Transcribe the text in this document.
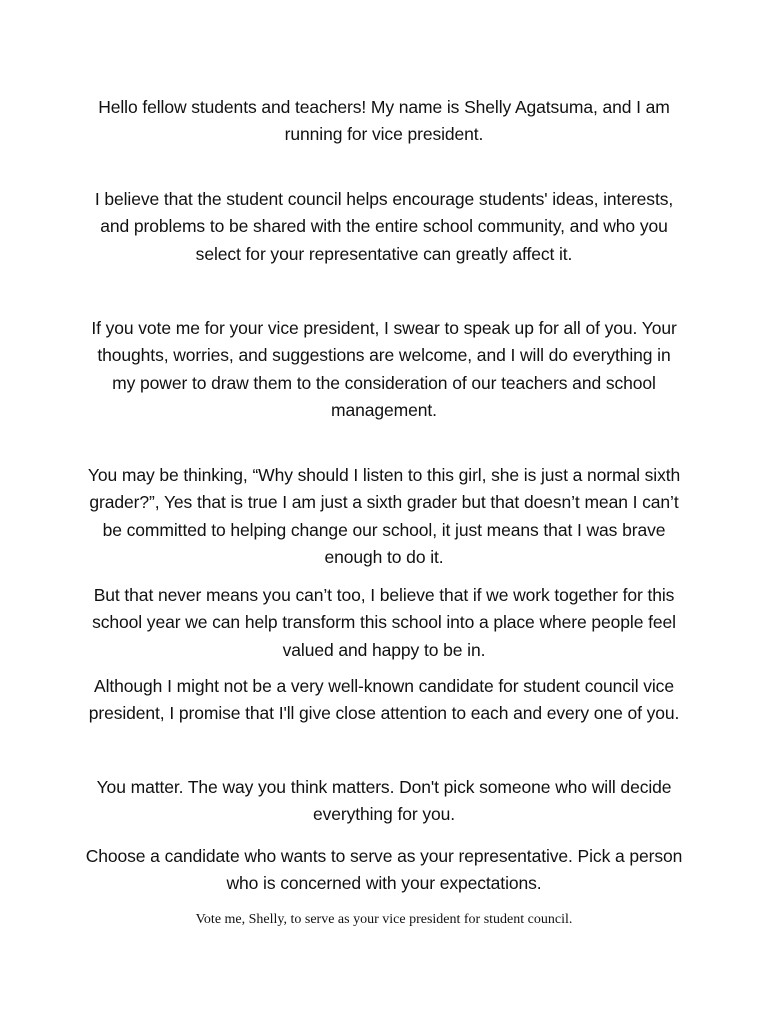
Hello fellow students and teachers! My name is Shelly Agatsuma, and I am running for vice president.

I believe that the student council helps encourage students' ideas, interests, and problems to be shared with the entire school community, and who you select for your representative can greatly affect it.

If you vote me for your vice president, I swear to speak up for all of you. Your thoughts, worries, and suggestions are welcome, and I will do everything in my power to draw them to the consideration of our teachers and school management.

You may be thinking, “Why should I listen to this girl, she is just a normal sixth grader?”, Yes that is true I am just a sixth grader but that doesn’t mean I can’t be committed to helping change our school, it just means that I was brave enough to do it.

But that never means you can’t too, I believe that if we work together for this school year we can help transform this school into a place where people feel valued and happy to be in.

Although I might not be a very well-known candidate for student council vice president, I promise that I'll give close attention to each and every one of you.

You matter. The way you think matters. Don't pick someone who will decide everything for you.

Choose a candidate who wants to serve as your representative. Pick a person who is concerned with your expectations.

Vote me, Shelly, to serve as your vice president for student council.
